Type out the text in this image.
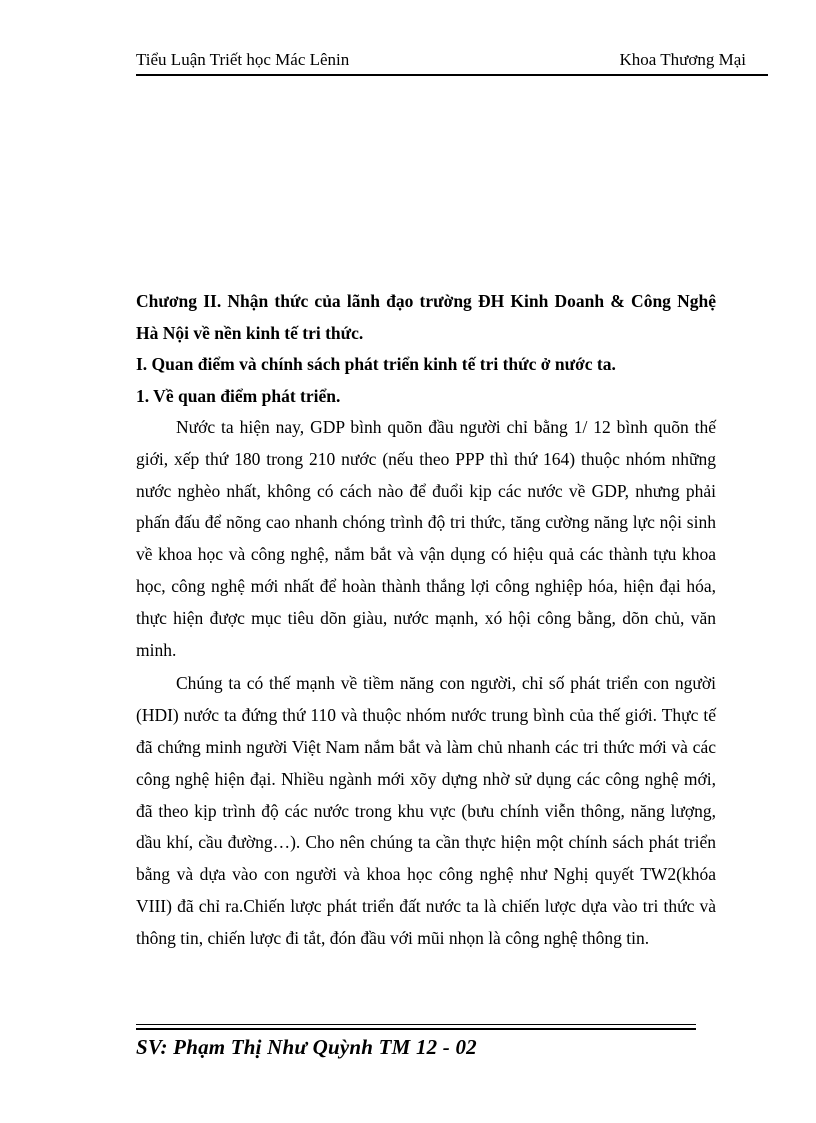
Tiểu Luận Triết học Mác Lênin	Khoa Thương Mại

Chương II. Nhận thức của lãnh đạo trường ĐH Kinh Doanh & Công Nghệ Hà Nội về nền kinh tế tri thức.

I. Quan điểm và chính sách phát triển kinh tế tri thức ở nước ta.

1. Về quan điểm phát triển.

Nước ta hiện nay, GDP bình quõn đầu người chỉ bằng 1/ 12 bình quõn thế giới, xếp thứ 180 trong 210 nước (nếu theo PPP thì thứ 164) thuộc nhóm những nước nghèo nhất, không có cách nào để đuổi kịp các nước về GDP, nhưng phải phấn đấu để nõng cao nhanh chóng trình độ tri thức, tăng cường năng lực nội sinh về khoa học và công nghệ, nắm bắt và vận dụng có hiệu quả các thành tựu khoa học, công nghệ mới nhất để hoàn thành thắng lợi công nghiệp hóa, hiện đại hóa, thực hiện được mục tiêu dõn giàu, nước mạnh, xó hội công bằng, dõn chủ, văn minh.

Chúng ta có thế mạnh về tiềm năng con người, chỉ số phát triển con người (HDI) nước ta đứng thứ 110 và thuộc nhóm nước trung bình của thế giới. Thực tế đã chứng minh người Việt Nam nắm bắt và làm chủ nhanh các tri thức mới và các công nghệ hiện đại. Nhiều ngành mới xõy dựng nhờ sử dụng các công nghệ mới, đã theo kịp trình độ các nước trong khu vực (bưu chính viễn thông, năng lượng, dầu khí, cầu đường…). Cho nên chúng ta cần thực hiện một chính sách phát triển bằng và dựa vào con người và khoa học công nghệ như Nghị quyết TW2(khóa VIII) đã chỉ ra.Chiến lược phát triển đất nước ta là chiến lược dựa vào tri thức và thông tin, chiến lược đi tắt, đón đầu với mũi nhọn là công nghệ thông tin.

SV: Phạm Thị Như Quỳnh TM 12 - 02
